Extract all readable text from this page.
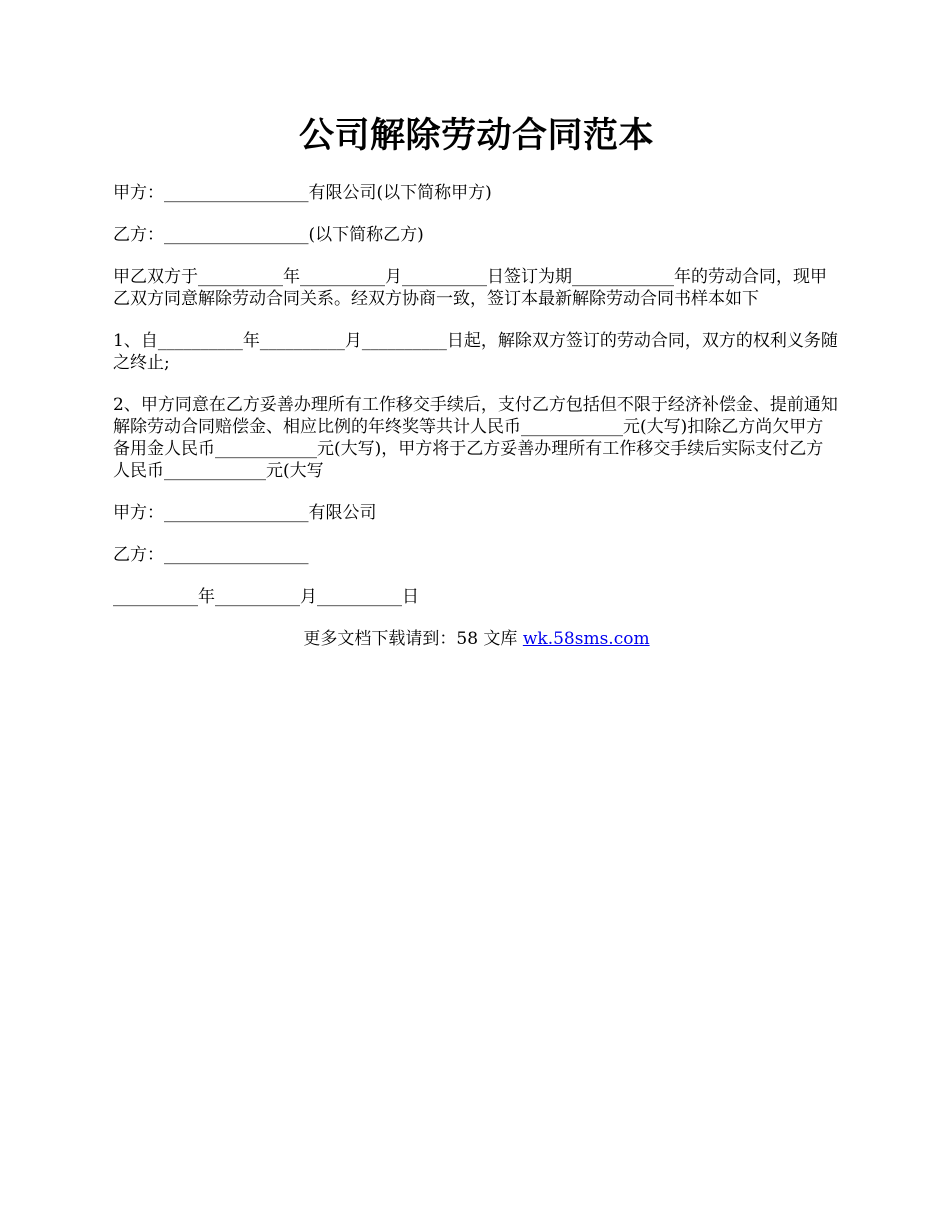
公司解除劳动合同范本

甲方：_________________有限公司(以下简称甲方)

乙方：_________________(以下简称乙方)

甲乙双方于__________年__________月__________日签订为期____________年的劳动合同，现甲乙双方同意解除劳动合同关系。经双方协商一致，签订本最新解除劳动合同书样本如下

1、自__________年__________月__________日起，解除双方签订的劳动合同，双方的权利义务随之终止;

2、甲方同意在乙方妥善办理所有工作移交手续后，支付乙方包括但不限于经济补偿金、提前通知解除劳动合同赔偿金、相应比例的年终奖等共计人民币____________元(大写)扣除乙方尚欠甲方备用金人民币____________元(大写)，甲方将于乙方妥善办理所有工作移交手续后实际支付乙方人民币____________元(大写

甲方：_________________有限公司

乙方：_________________

__________年__________月__________日

更多文档下载请到：58 文库 wk.58sms.com
